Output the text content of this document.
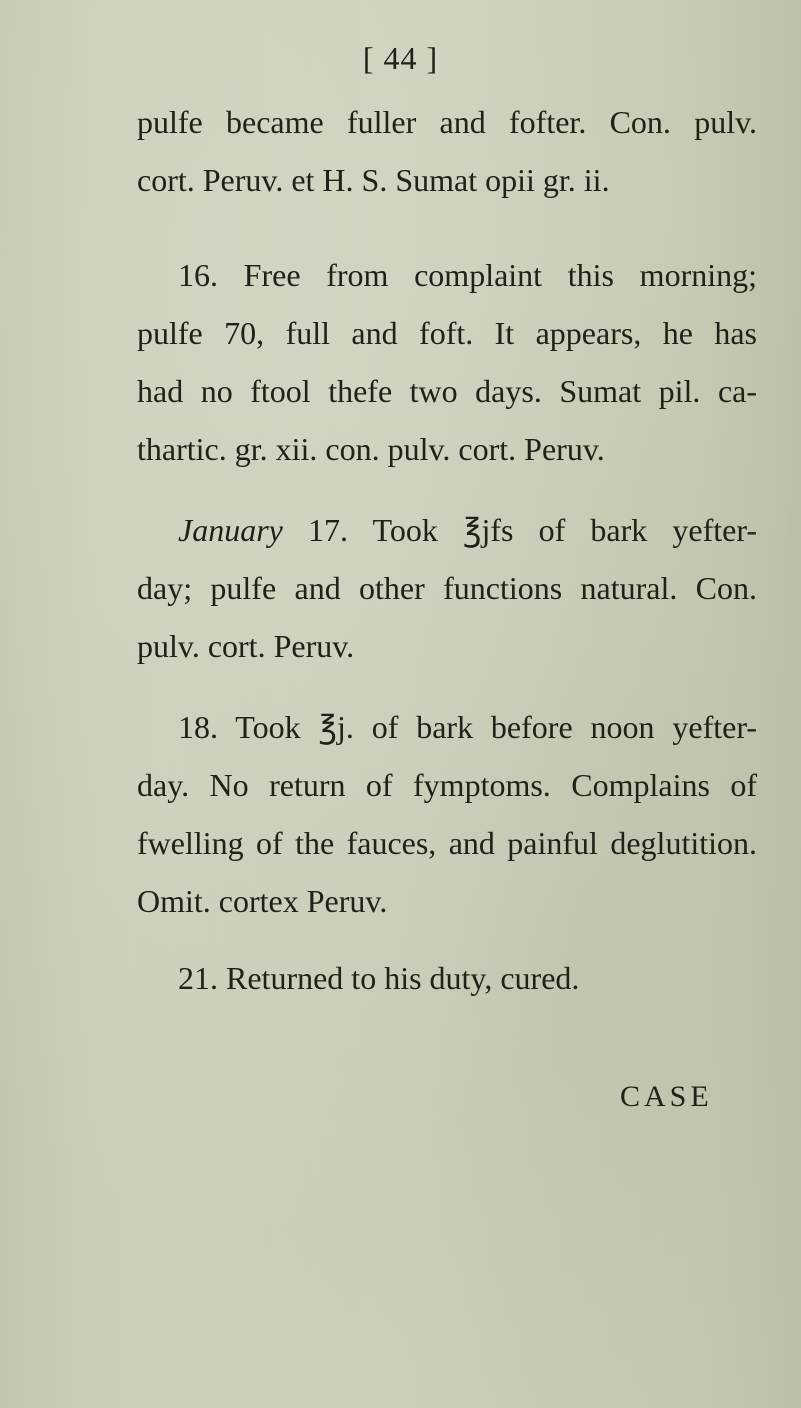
[ 44 ]
pulfe became fuller and fofter. Con. pulv.
cort. Peruv. et H. S. Sumat opii gr. ii.
16. Free from complaint this morning;
pulfe 70, full and foft. It appears, he has
had no ftool thefe two days. Sumat pil. ca-
thartic. gr. xii. con. pulv. cort. Peruv.
January 17. Took ℥jfs of bark yefter-
day; pulfe and other functions natural. Con.
pulv. cort. Peruv.
18. Took ℥j. of bark before noon yefter-
day. No return of fymptoms. Complains of
fwelling of the fauces, and painful deglutition.
Omit. cortex Peruv.
21. Returned to his duty, cured.
CASE
